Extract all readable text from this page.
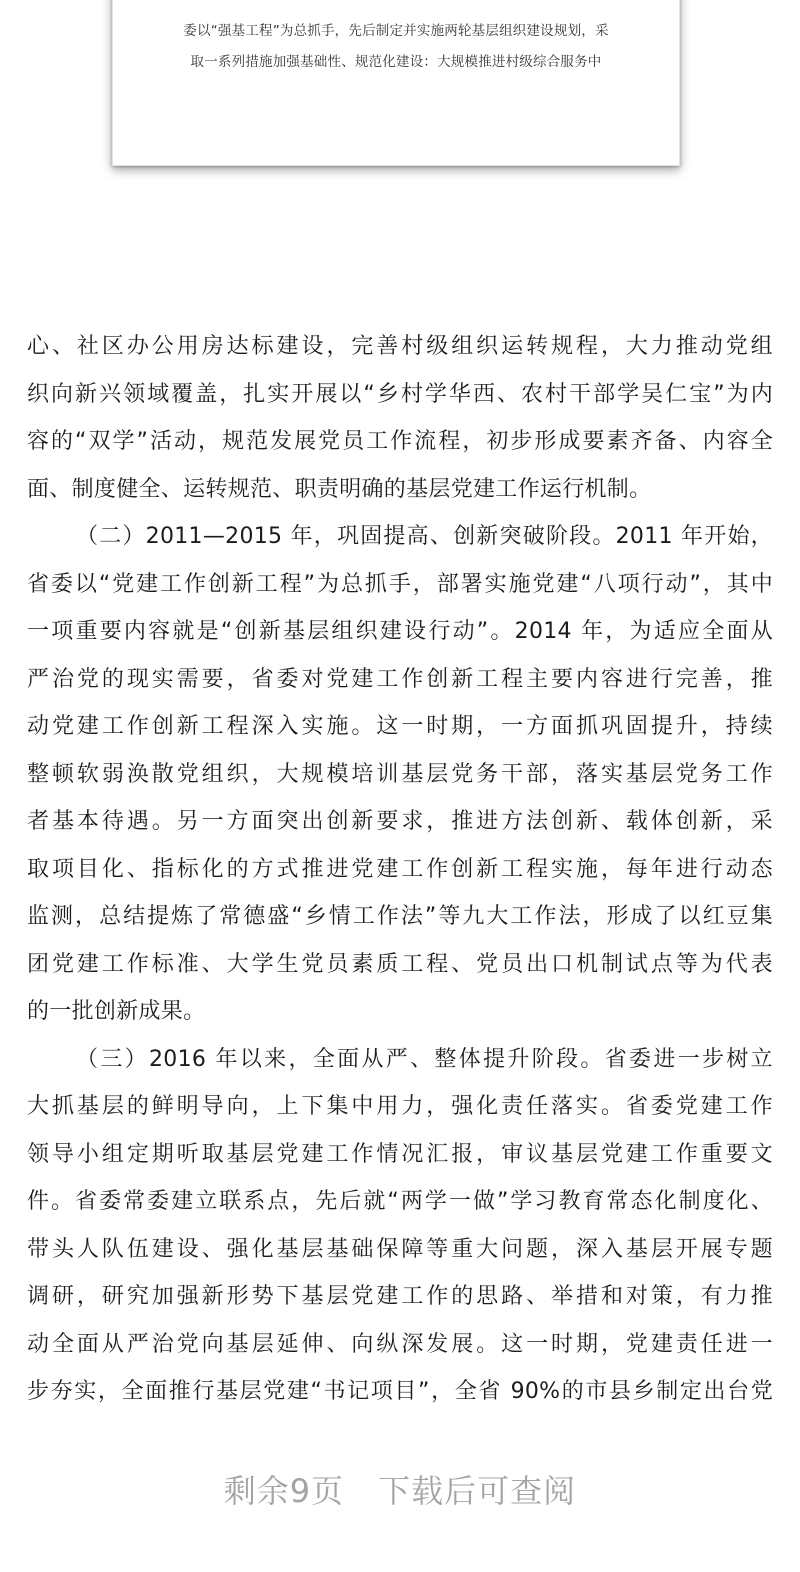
委以“强基工程”为总抓手，先后制定并实施两轮基层组织建设规划，采
取一系列措施加强基础性、规范化建设：大规模推进村级综合服务中
心、社区办公用房达标建设，完善村级组织运转规程，大力推动党组
织向新兴领域覆盖，扎实开展以“乡村学华西、农村干部学吴仁宝”为内
容的“双学”活动，规范发展党员工作流程，初步形成要素齐备、内容全
面、制度健全、运转规范、职责明确的基层党建工作运行机制。
（二）2011—2015 年，巩固提高、创新突破阶段。2011 年开始，
省委以“党建工作创新工程”为总抓手，部署实施党建“八项行动”，其中
一项重要内容就是“创新基层组织建设行动”。2014 年，为适应全面从
严治党的现实需要，省委对党建工作创新工程主要内容进行完善，推
动党建工作创新工程深入实施。这一时期，一方面抓巩固提升，持续
整顿软弱涣散党组织，大规模培训基层党务干部，落实基层党务工作
者基本待遇。另一方面突出创新要求，推进方法创新、载体创新，采
取项目化、指标化的方式推进党建工作创新工程实施，每年进行动态
监测，总结提炼了常德盛“乡情工作法”等九大工作法，形成了以红豆集
团党建工作标准、大学生党员素质工程、党员出口机制试点等为代表
的一批创新成果。
（三）2016 年以来，全面从严、整体提升阶段。省委进一步树立
大抓基层的鲜明导向，上下集中用力，强化责任落实。省委党建工作
领导小组定期听取基层党建工作情况汇报，审议基层党建工作重要文
件。省委常委建立联系点，先后就“两学一做”学习教育常态化制度化、
带头人队伍建设、强化基层基础保障等重大问题，深入基层开展专题
调研，研究加强新形势下基层党建工作的思路、举措和对策，有力推
动全面从严治党向基层延伸、向纵深发展。这一时期，党建责任进一
步夯实，全面推行基层党建“书记项目”，全省 90%的市县乡制定出台党
剩余9页 下载后可查阅
